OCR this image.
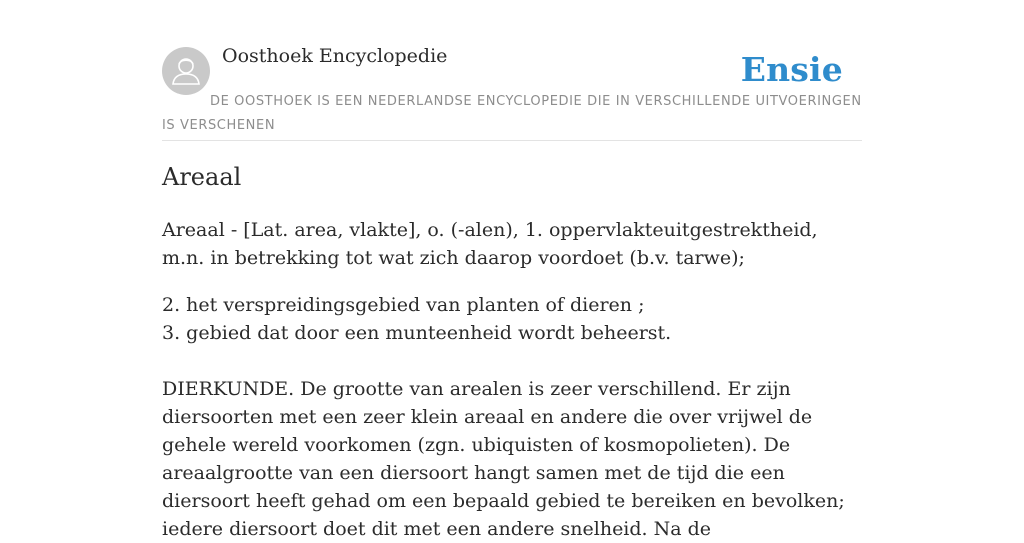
Oosthoek Encyclopedie	Ensie
DE OOSTHOEK IS EEN NEDERLANDSE ENCYCLOPEDIE DIE IN VERSCHILLENDE UITVOERINGEN IS VERSCHENEN
Areaal

Areaal - [Lat. area, vlakte], o. (-alen), 1. oppervlakteuitgestrektheid, m.n. in betrekking tot wat zich daarop voordoet (b.v. tarwe);

2. het verspreidingsgebied van planten of dieren ;

3. gebied dat door een munteenheid wordt beheerst.

DIERKUNDE. De grootte van arealen is zeer verschillend. Er zijn diersoorten met een zeer klein areaal en andere die over vrijwel de gehele wereld voorkomen (zgn. ubiquisten of kosmopolieten). De areaalgrootte van een diersoort hangt samen met de tijd die een diersoort heeft gehad om een bepaald gebied te bereiken en bevolken; iedere diersoort doet dit met een andere snelheid. Na de
